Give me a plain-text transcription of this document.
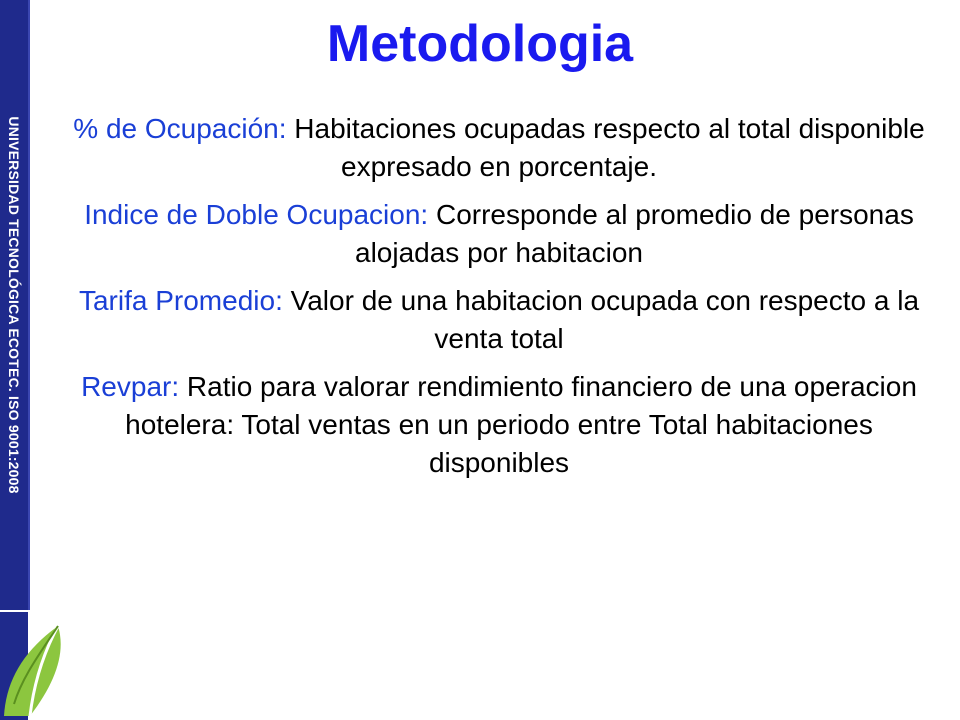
UNIVERSIDAD TECNOLÓGICA ECOTEC. ISO 9001:2008
Metodologia

% de Ocupación: Habitaciones ocupadas respecto al total disponible expresado en porcentaje.

Indice de Doble Ocupacion: Corresponde al promedio de personas alojadas por habitacion

Tarifa Promedio: Valor de una habitacion ocupada con respecto a la venta total

Revpar: Ratio para valorar rendimiento financiero de una operacion hotelera: Total ventas en un periodo entre Total habitaciones disponibles
